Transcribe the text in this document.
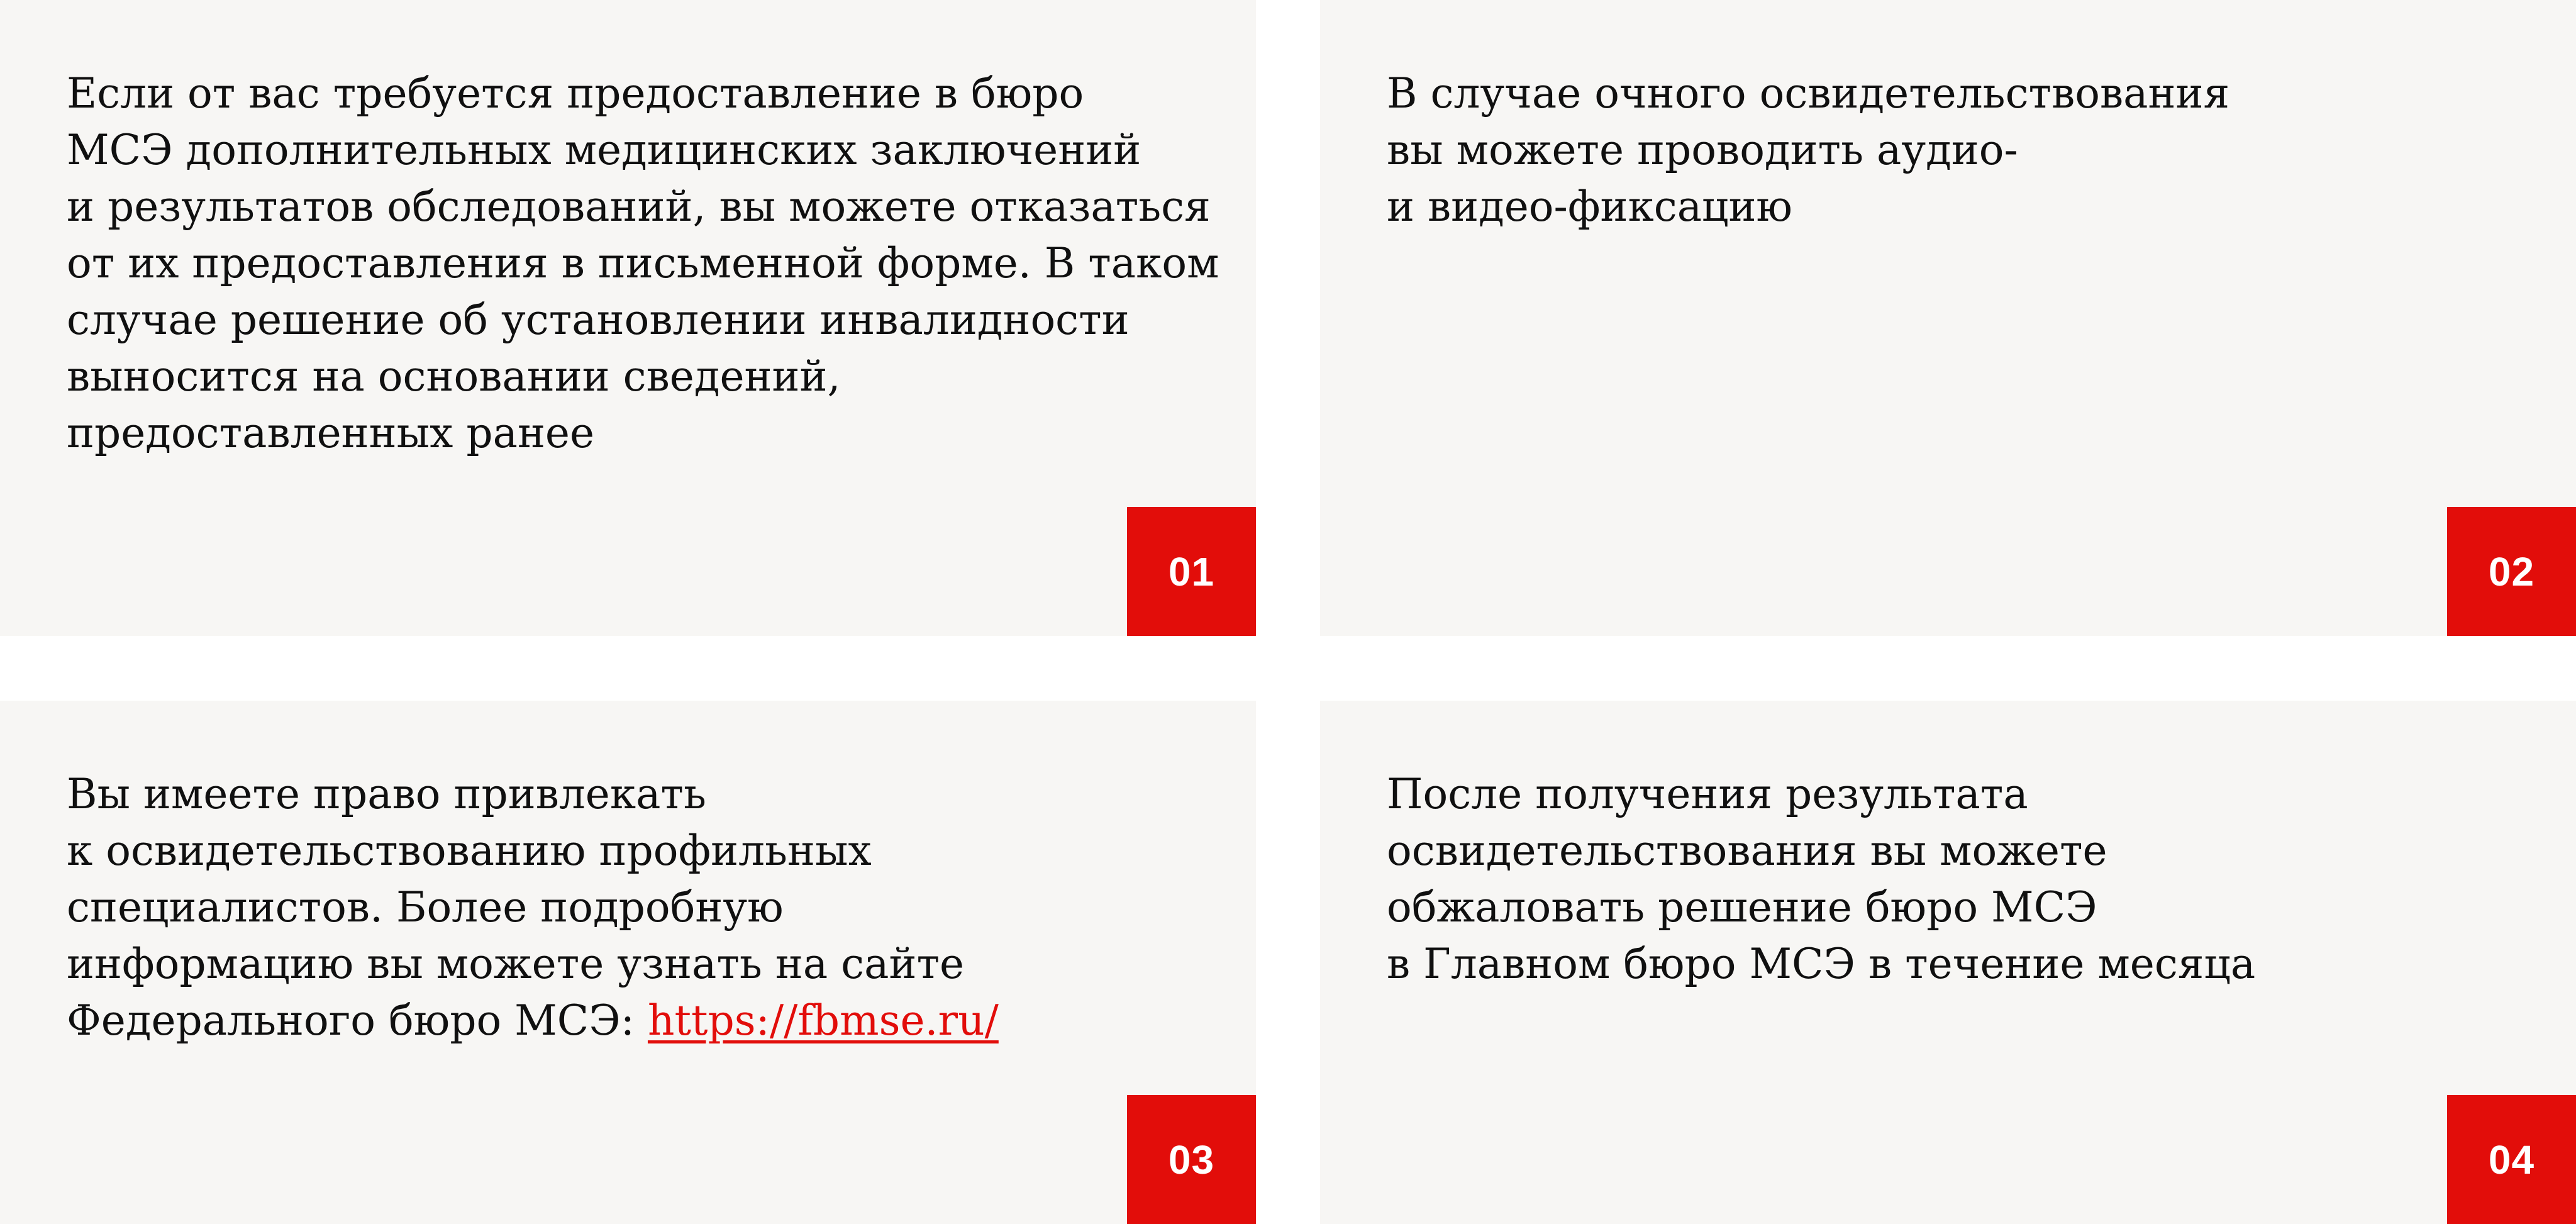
Если от вас требуется предоставление в бюро
МСЭ дополнительных медицинских заключений
и результатов обследований, вы можете отказаться
от их предоставления в письменной форме. В таком
случае решение об установлении инвалидности
выносится на основании сведений,
предоставленных ранее

01

В случае очного освидетельствования
вы можете проводить аудио-
и видео-фиксацию

02

Вы имеете право привлекать
к освидетельствованию профильных
специалистов. Более подробную
информацию вы можете узнать на сайте
Федерального бюро МСЭ: https://fbmse.ru/

03

После получения результата
освидетельствования вы можете
обжаловать решение бюро МСЭ
в Главном бюро МСЭ в течение месяца

04
